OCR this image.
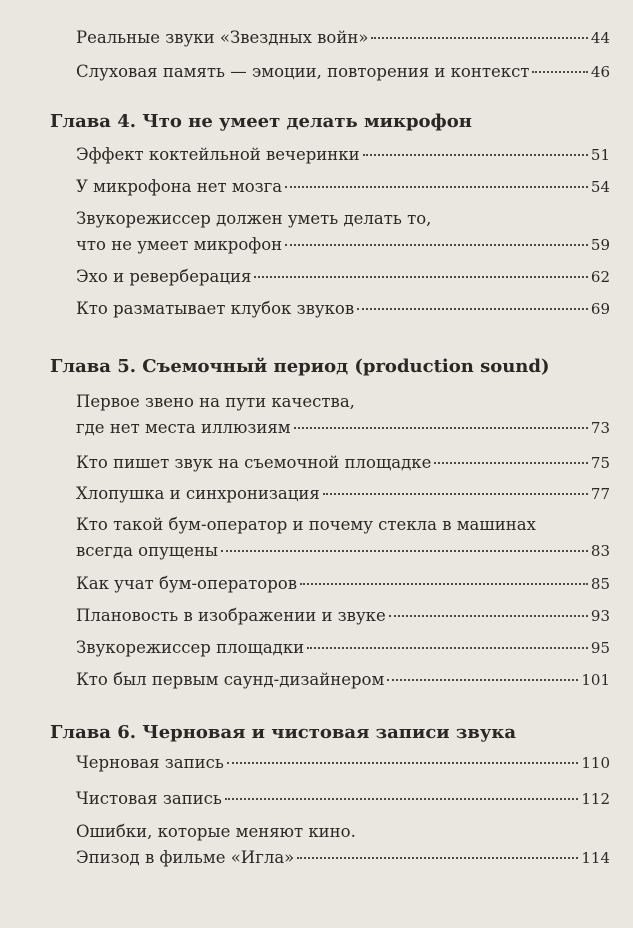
Реальные звуки «Звездных войн»	44
Слуховая память — эмоции, повторения и контекст	46
Глава 4. Что не умеет делать микрофон
Эффект коктейльной вечеринки	51
У микрофона нет мозга	54
Звукорежиссер должен уметь делать то,
что не умеет микрофон	59
Эхо и реверберация	62
Кто разматывает клубок звуков	69
Глава 5. Съемочный период (production sound)
Первое звено на пути качества,
где нет места иллюзиям	73
Кто пишет звук на съемочной площадке	75
Хлопушка и синхронизация	77
Кто такой бум-оператор и почему стекла в машинах
всегда опущены	83
Как учат бум-операторов	85
Плановость в изображении и звуке	93
Звукорежиссер площадки	95
Кто был первым саунд-дизайнером	101
Глава 6. Черновая и чистовая записи звука
Черновая запись	110
Чистовая запись	112
Ошибки, которые меняют кино.
Эпизод в фильме «Игла»	114
